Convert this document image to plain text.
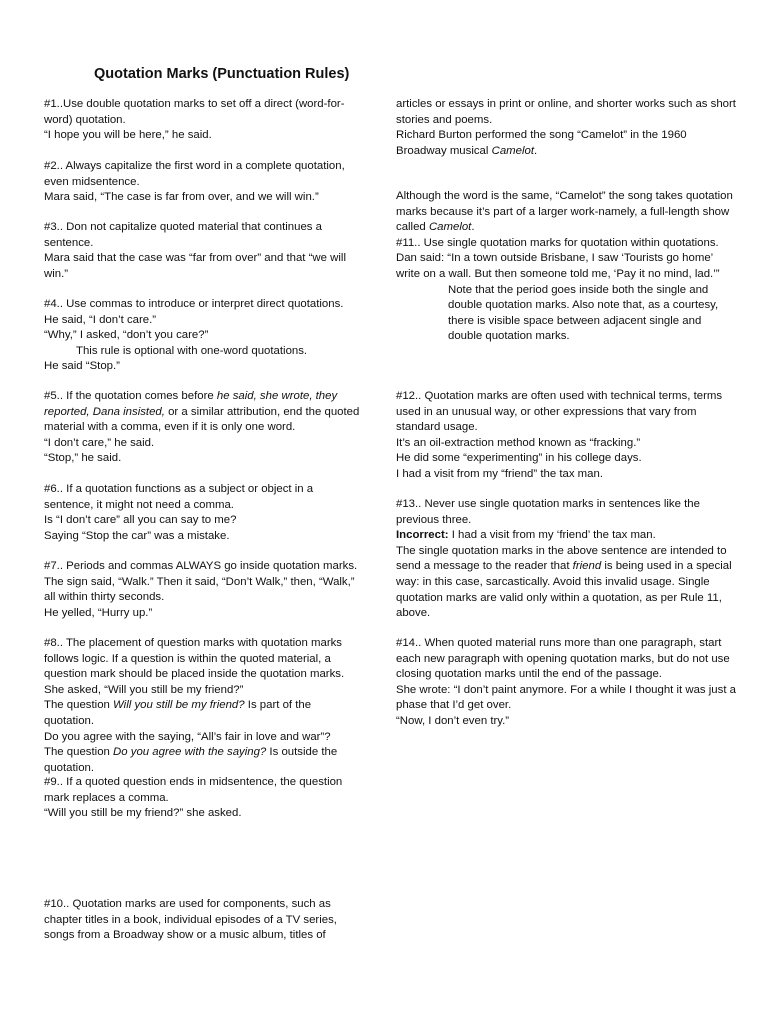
Quotation Marks (Punctuation Rules)

#1..Use double quotation marks to set off a direct (word-for-word) quotation.

“I hope you will be here,” he said.

#2.. Always capitalize the first word in a complete quotation, even midsentence.

Mara said, “The case is far from over, and we will win.”

#3.. Don not capitalize quoted material that continues a sentence.

Mara said that the case was “far from over” and that “we will win.”

#4.. Use commas to introduce or interpret direct quotations.

He said, “I don’t care.”

“Why,” I asked, “don’t you care?”

This rule is optional with one-word quotations.

He said “Stop.”

#5.. If the quotation comes before he said, she wrote, they reported, Dana insisted, or a similar attribution, end the quoted material with a comma, even if it is only one word.

“I don’t care,” he said.

“Stop,” he said.

#6.. If a quotation functions as a subject or object in a sentence, it might not need a comma.

Is “I don’t care” all you can say to me?

Saying “Stop the car” was a mistake.

#7.. Periods and commas ALWAYS go inside quotation marks.

The sign said, “Walk.” Then it said, “Don’t Walk,” then, “Walk,” all within thirty seconds.

He yelled, “Hurry up.”

#8.. The placement of question marks with quotation marks follows logic. If a question is within the quoted material, a question mark should be placed inside the quotation marks.

She asked, “Will you still be my friend?”

The question Will you still be my friend? Is part of the quotation.

Do you agree with the saying, “All’s fair in love and war”?

The question Do you agree with the saying? Is outside the quotation.

#9.. If a quoted question ends in midsentence, the question mark replaces a comma.

“Will you still be my friend?” she asked.

#10.. Quotation marks are used for components, such as chapter titles in a book, individual episodes of a TV series, songs from a Broadway show or a music album, titles of

articles or essays in print or online, and shorter works such as short stories and poems.

Richard Burton performed the song “Camelot” in the 1960 Broadway musical Camelot.

Although the word is the same, “Camelot” the song takes quotation marks because it’s part of a larger work-namely, a full-length show called Camelot.

#11.. Use single quotation marks for quotation within quotations.

Dan said: “In a town outside Brisbane, I saw ‘Tourists go home’ write on a wall. But then someone told me, ‘Pay it no mind, lad.’”

Note that the period goes inside both the single and double quotation marks. Also note that, as a courtesy, there is visible space between adjacent single and double quotation marks.

#12.. Quotation marks are often used with technical terms, terms used in an unusual way, or other expressions that vary from standard usage.

It’s an oil-extraction method known as “fracking.”

He did some “experimenting” in his college days.

I had a visit from my “friend” the tax man.

#13.. Never use single quotation marks in sentences like the previous three.

Incorrect: I had a visit from my ‘friend’ the tax man.

The single quotation marks in the above sentence are intended to send a message to the reader that friend is being used in a special way: in this case, sarcastically. Avoid this invalid usage. Single quotation marks are valid only within a quotation, as per Rule 11, above.

#14.. When quoted material runs more than one paragraph, start each new paragraph with opening quotation marks, but do not use closing quotation marks until the end of the passage.

She wrote: “I don’t paint anymore. For a while I thought it was just a phase that I’d get over.

“Now, I don’t even try.”
